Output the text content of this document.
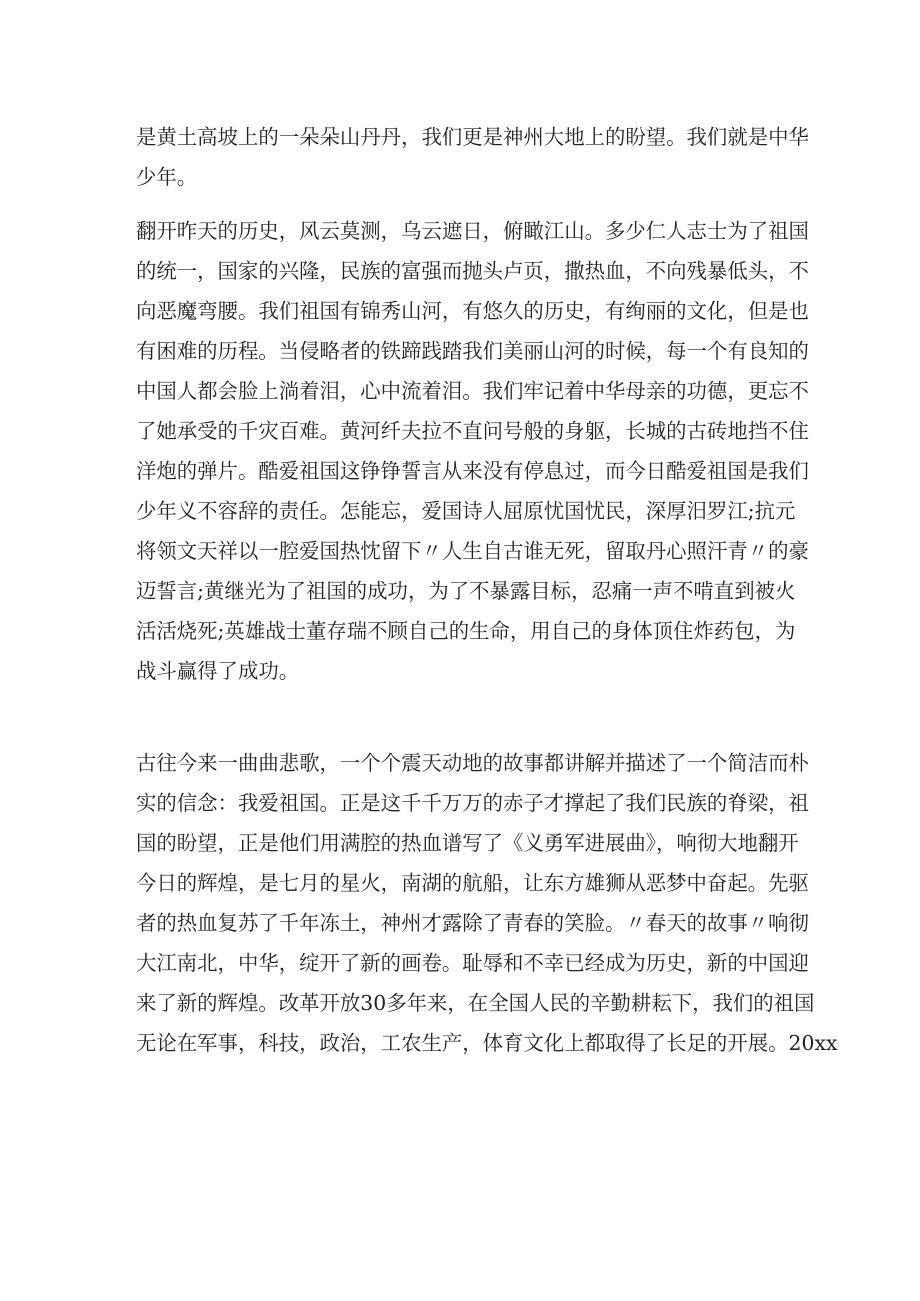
是黄土高坡上的一朵朵山丹丹，我们更是神州大地上的盼望。我们就是中华
少年。
翻开昨天的历史，风云莫测，乌云遮日，俯瞰江山。多少仁人志士为了祖国
的统一，国家的兴隆，民族的富强而抛头卢页，撒热血，不向残暴低头，不
向恶魔弯腰。我们祖国有锦秀山河，有悠久的历史，有绚丽的文化，但是也
有困难的历程。当侵略者的铁蹄践踏我们美丽山河的时候，每一个有良知的
中国人都会脸上淌着泪，心中流着泪。我们牢记着中华母亲的功德，更忘不
了她承受的千灾百难。黄河纤夫拉不直问号般的身躯，长城的古砖地挡不住
洋炮的弹片。酷爱祖国这铮铮誓言从来没有停息过，而今日酷爱祖国是我们
少年义不容辞的责任。怎能忘，爱国诗人屈原忧国忧民，深厚汨罗江;抗元
将领文天祥以一腔爱国热忱留下〃人生自古谁无死，留取丹心照汗青〃的豪
迈誓言;黄继光为了祖国的成功，为了不暴露目标，忍痛一声不啃直到被火
活活烧死;英雄战士董存瑞不顾自己的生命，用自己的身体顶住炸药包，为
战斗赢得了成功。
古往今来一曲曲悲歌，一个个震天动地的故事都讲解并描述了一个简洁而朴
实的信念：我爱祖国。正是这千千万万的赤子才撑起了我们民族的脊梁，祖
国的盼望，正是他们用满腔的热血谱写了《义勇军进展曲》，响彻大地翻开
今日的辉煌，是七月的星火，南湖的航船，让东方雄狮从恶梦中奋起。先驱
者的热血复苏了千年冻土，神州才露除了青春的笑脸。〃春天的故事〃响彻
大江南北，中华，绽开了新的画卷。耻辱和不幸已经成为历史，新的中国迎
来了新的辉煌。改革开放30多年来，在全国人民的辛勤耕耘下，我们的祖国
无论在军事，科技，政治，工农生产，体育文化上都取得了长足的开展。20xx
